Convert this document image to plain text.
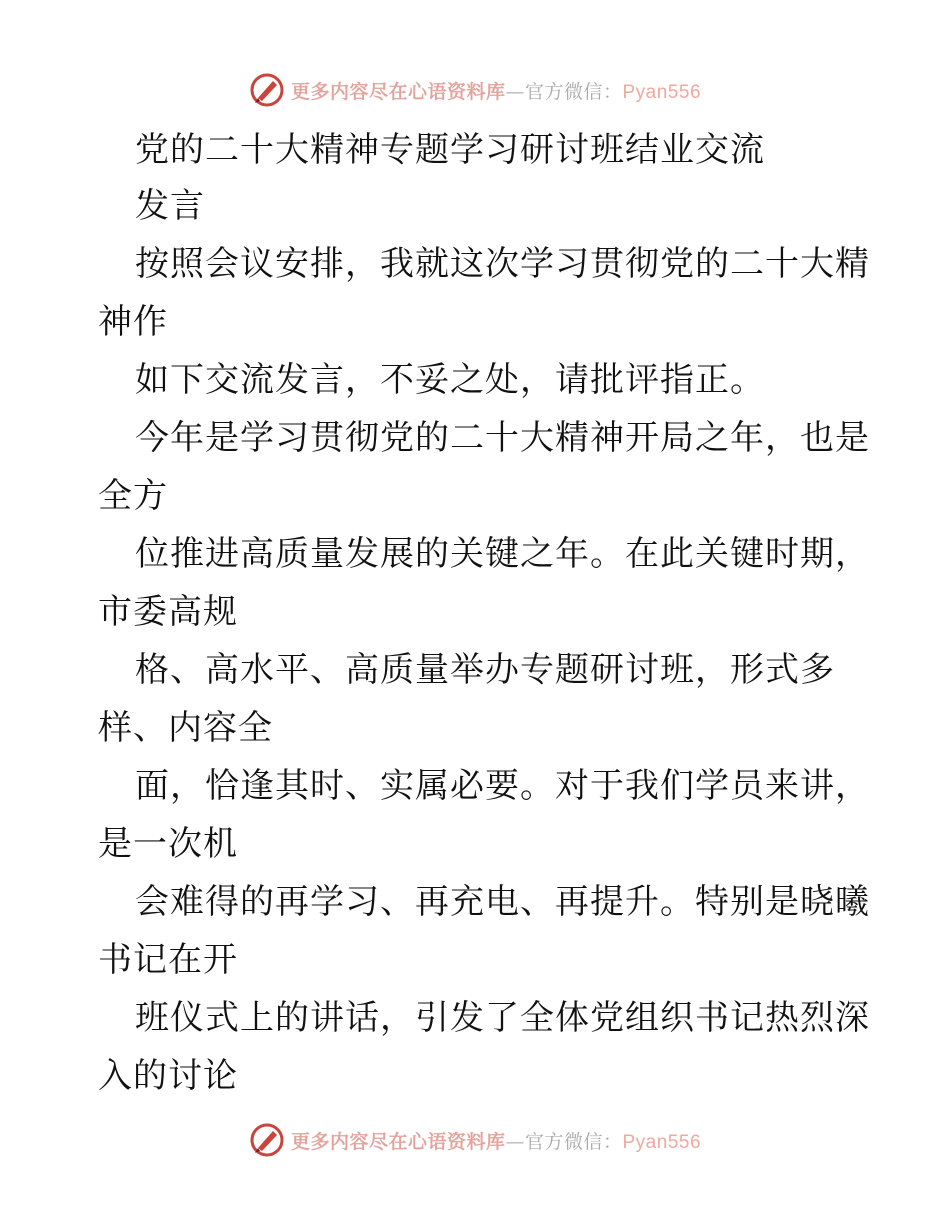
更多内容尽在心语资料库—官方微信：Pyan556
党的二十大精神专题学习研讨班结业交流
发言
按照会议安排，我就这次学习贯彻党的二十大精
神作
如下交流发言，不妥之处，请批评指正。
今年是学习贯彻党的二十大精神开局之年，也是
全方
位推进高质量发展的关键之年。在此关键时期，
市委高规
格、高水平、高质量举办专题研讨班，形式多
样、内容全
面，恰逢其时、实属必要。对于我们学员来讲，
是一次机
会难得的再学习、再充电、再提升。特别是晓曦
书记在开
班仪式上的讲话，引发了全体党组织书记热烈深
入的讨论
更多内容尽在心语资料库—官方微信：Pyan556
